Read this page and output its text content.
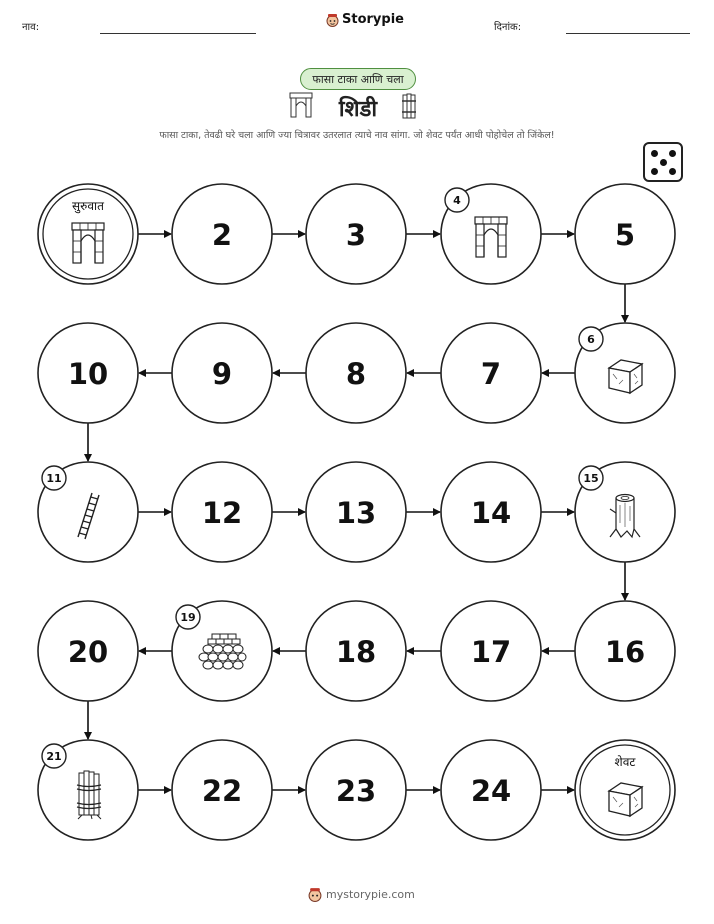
नाव:
Storypie
दिनांक:
फासा टाका आणि चला
शिडी
फासा टाका, तेवढी घरे चला आणि ज्या चित्रावर उतरलात त्याचे नाव सांगा. जो शेवट पर्यंत आधी पोहोचेल तो जिंकेल!
सुरुवात
2	3
4
5
6
7
8
9
10
11
12	13	14
15
16
17
18
19
20
21
22	23	24
शेवट
mystorypie.com
